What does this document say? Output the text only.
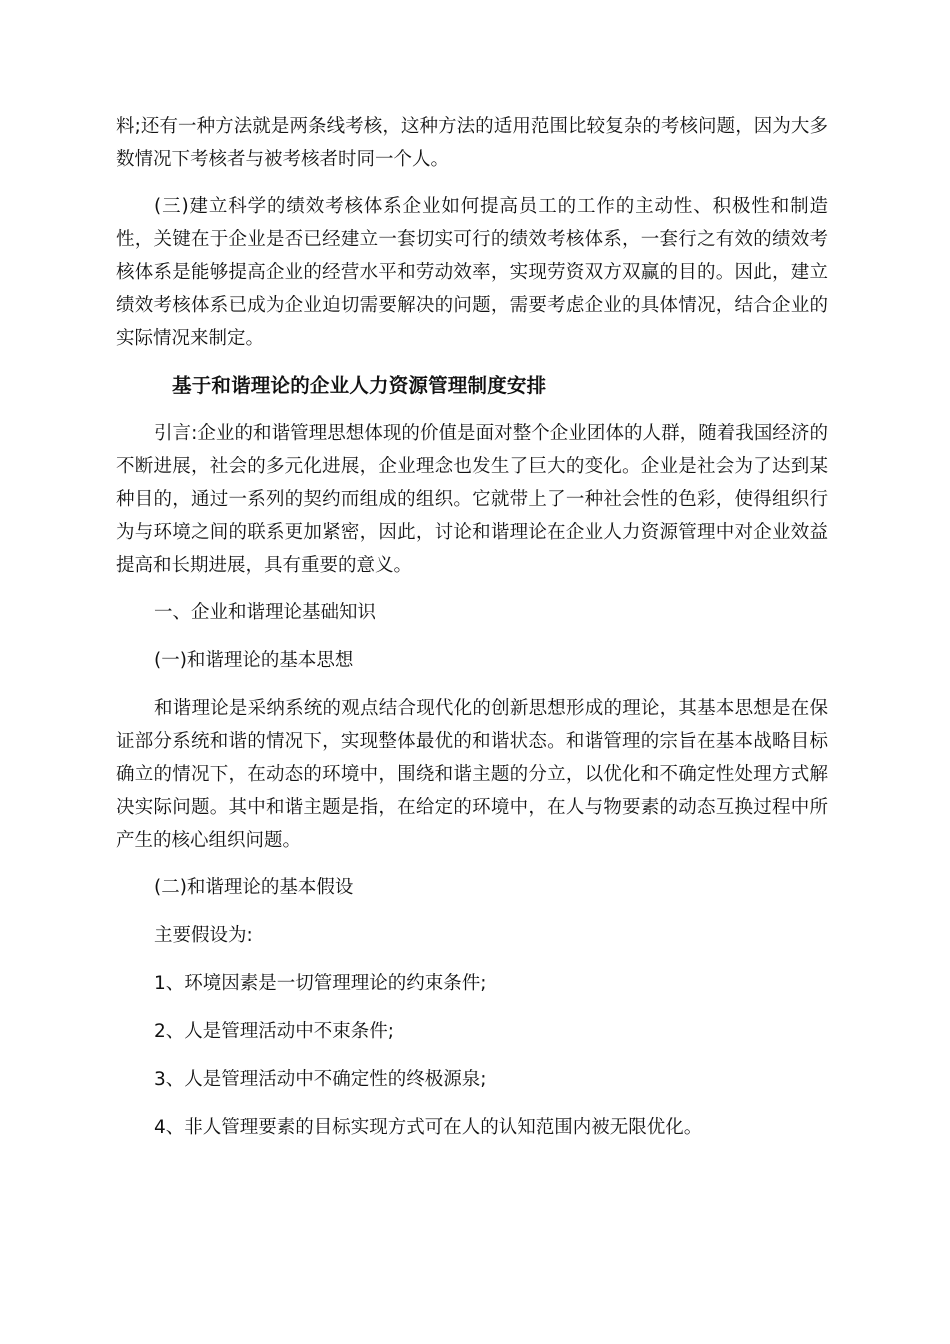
料;还有一种方法就是两条线考核，这种方法的适用范围比较复杂的考核问题，因为大多数情况下考核者与被考核者时同一个人。

(三)建立科学的绩效考核体系企业如何提高员工的工作的主动性、积极性和制造性，关键在于企业是否已经建立一套切实可行的绩效考核体系，一套行之有效的绩效考核体系是能够提高企业的经营水平和劳动效率，实现劳资双方双赢的目的。因此，建立绩效考核体系已成为企业迫切需要解决的问题，需要考虑企业的具体情况，结合企业的实际情况来制定。

基于和谐理论的企业人力资源管理制度安排

引言:企业的和谐管理思想体现的价值是面对整个企业团体的人群，随着我国经济的不断进展，社会的多元化进展，企业理念也发生了巨大的变化。企业是社会为了达到某种目的，通过一系列的契约而组成的组织。它就带上了一种社会性的色彩，使得组织行为与环境之间的联系更加紧密，因此，讨论和谐理论在企业人力资源管理中对企业效益提高和长期进展，具有重要的意义。

一、企业和谐理论基础知识

(一)和谐理论的基本思想

和谐理论是采纳系统的观点结合现代化的创新思想形成的理论，其基本思想是在保证部分系统和谐的情况下，实现整体最优的和谐状态。和谐管理的宗旨在基本战略目标确立的情况下，在动态的环境中，围绕和谐主题的分立，以优化和不确定性处理方式解决实际问题。其中和谐主题是指，在给定的环境中，在人与物要素的动态互换过程中所产生的核心组织问题。

(二)和谐理论的基本假设

主要假设为:

1、环境因素是一切管理理论的约束条件;

2、人是管理活动中不束条件;

3、人是管理活动中不确定性的终极源泉;

4、非人管理要素的目标实现方式可在人的认知范围内被无限优化。
